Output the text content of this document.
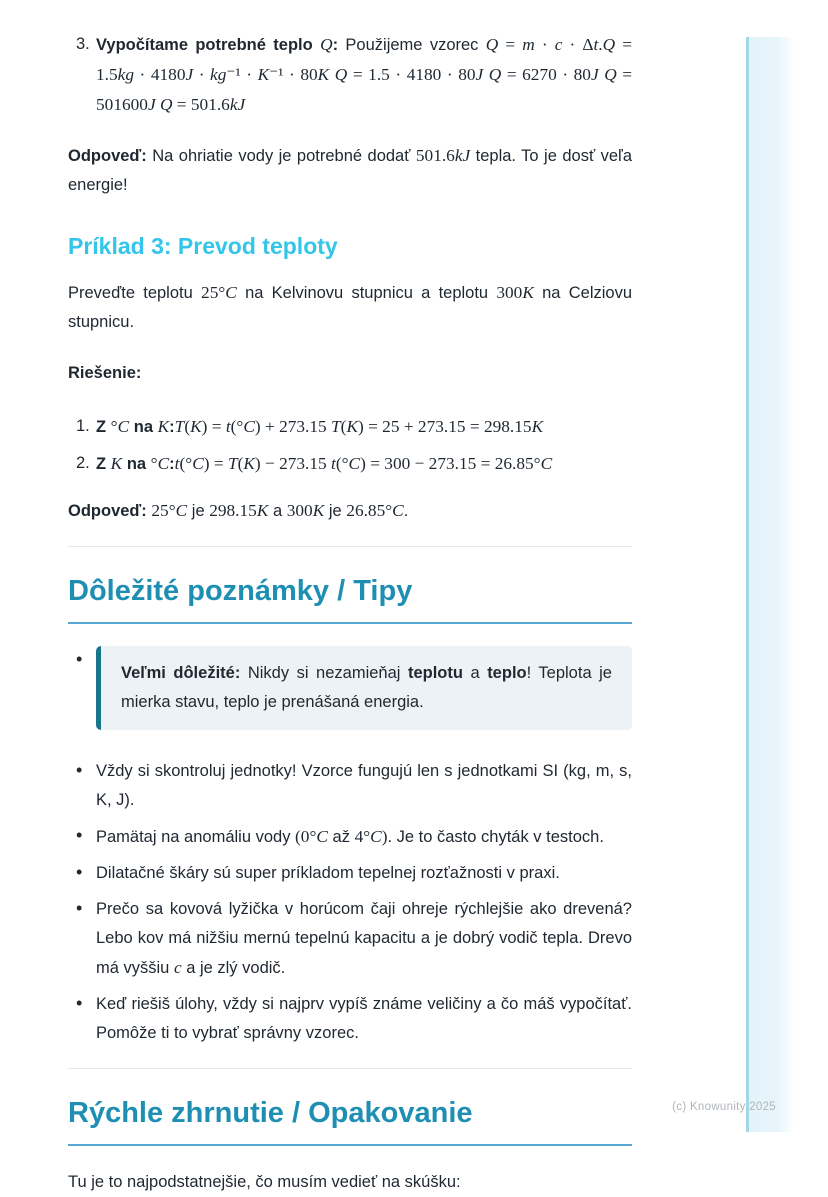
3. Vypočítame potrebné teplo Q: Použijeme vzorec Q = m · c · Δt.Q = 1.5kg · 4180J · kg⁻¹ · K⁻¹ · 80K Q = 1.5 · 4180 · 80J Q = 6270 · 80J Q = 501600J Q = 501.6kJ

Odpoveď: Na ohriatie vody je potrebné dodať 501.6kJ tepla. To je dosť veľa energie!

Príklad 3: Prevod teploty

Preveďte teplotu 25°C na Kelvinovu stupnicu a teplotu 300K na Celziovu stupnicu.

Riešenie:

1. Z °C na K:T(K) = t(°C) + 273.15 T(K) = 25 + 273.15 = 298.15K
2. Z K na °C:t(°C) = T(K) − 273.15 t(°C) = 300 − 273.15 = 26.85°C

Odpoveď: 25°C je 298.15K a 300K je 26.85°C.

Dôležité poznámky / Tipy
•
Veľmi dôležité: Nikdy si nezamieňaj teplotu a teplo! Teplota je mierka stavu, teplo je prenášaná energia.
• Vždy si skontroluj jednotky! Vzorce fungujú len s jednotkami SI (kg, m, s, K, J).
• Pamätaj na anomáliu vody (0°C až 4°C). Je to často chyták v testoch.
• Dilatačné škáry sú super príkladom tepelnej rozťažnosti v praxi.
• Prečo sa kovová lyžička v horúcom čaji ohreje rýchlejšie ako drevená? Lebo kov má nižšiu mernú tepelnú kapacitu a je dobrý vodič tepla. Drevo má vyššiu c a je zlý vodič.
• Keď riešiš úlohy, vždy si najprv vypíš známe veličiny a čo máš vypočítať. Pomôže ti to vybrať správny vzorec.
Rýchle zhrnutie / Opakovanie

Tu je to najpodstatnejšie, čo musím vedieť na skúšku:

(c) Knowunity 2025
